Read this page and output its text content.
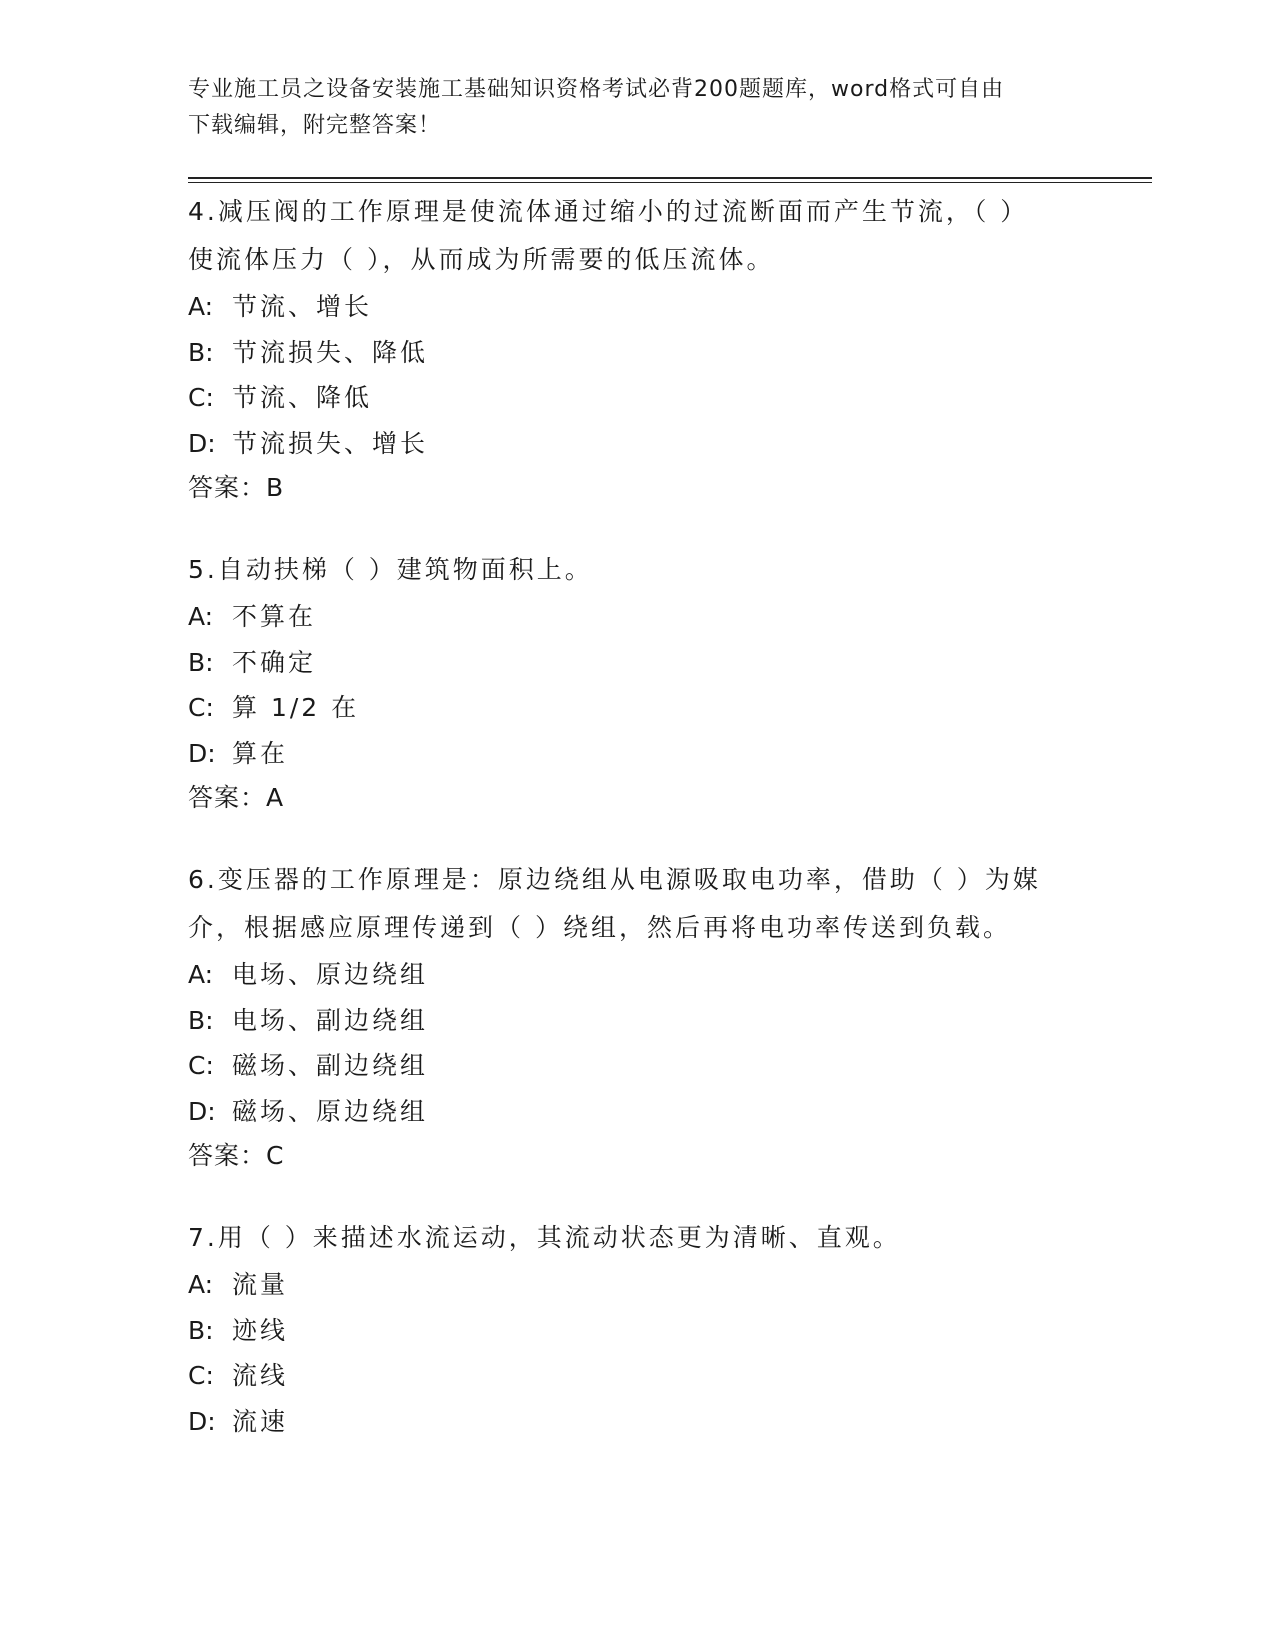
专业施工员之设备安装施工基础知识资格考试必背200题题库，word格式可自由
下载编辑，附完整答案！

4.减压阀的工作原理是使流体通过缩小的过流断面而产生节流，（ ）
使流体压力（ ），从而成为所需要的低压流体。

A: 节流、增长

B: 节流损失、降低

C: 节流、降低

D: 节流损失、增长

答案：B

5.自动扶梯（ ）建筑物面积上。

A: 不算在

B: 不确定

C: 算 1/2 在

D: 算在

答案：A

6.变压器的工作原理是：原边绕组从电源吸取电功率，借助（ ）为媒
介，根据感应原理传递到（ ）绕组，然后再将电功率传送到负载。

A: 电场、原边绕组

B: 电场、副边绕组

C: 磁场、副边绕组

D: 磁场、原边绕组

答案：C

7.用（ ）来描述水流运动，其流动状态更为清晰、直观。

A: 流量

B: 迹线

C: 流线

D: 流速
